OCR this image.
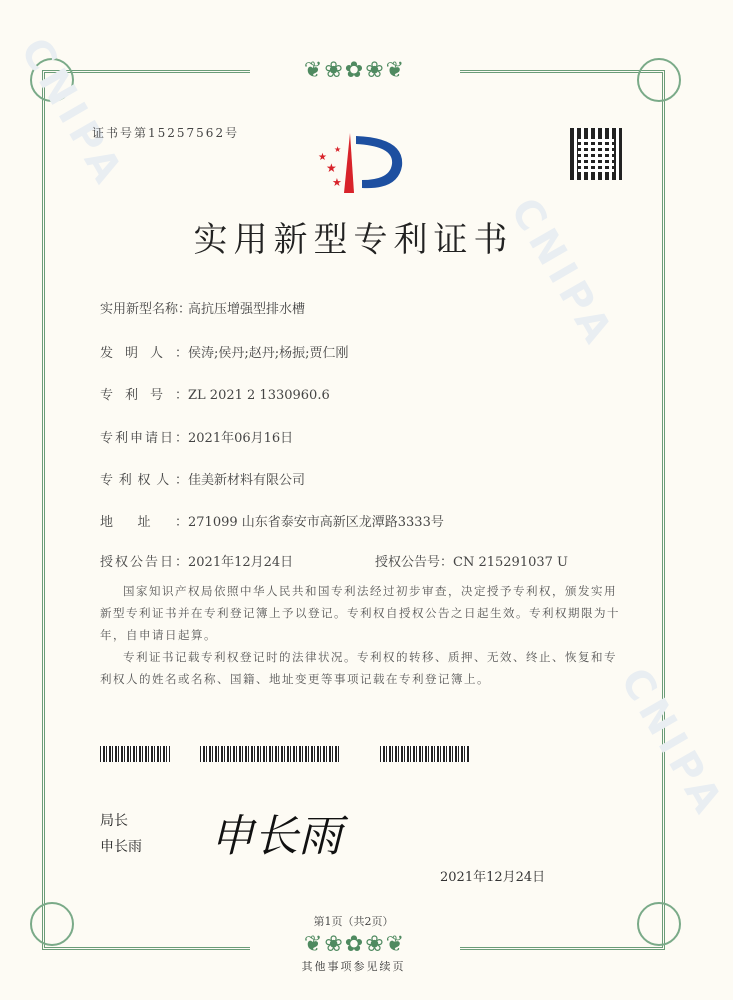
❦❀✿❀❦
❦❀✿❀❦
CNIPA
CNIPA
CNIPA
证书号第15257562号
★
★
★
★
实用新型专利证书
实用新型名称：高抗压增强型排水槽
发明人：侯涛;侯丹;赵丹;杨振;贾仁刚
专利号：ZL 2021 2 1330960.6
专利申请日：2021年06月16日
专利权人：佳美新材料有限公司
地址：271099 山东省泰安市高新区龙潭路3333号
授权公告日：2021年12月24日	授权公告号：CN 215291037 U
国家知识产权局依照中华人民共和国专利法经过初步审查，决定授予专利权，颁发实用新型专利证书并在专利登记簿上予以登记。专利权自授权公告之日起生效。专利权期限为十年，自申请日起算。
专利证书记载专利权登记时的法律状况。专利权的转移、质押、无效、终止、恢复和专利权人的姓名或名称、国籍、地址变更等事项记载在专利登记簿上。
局长
申长雨 申长雨
2021年12月24日
第1页（共2页）
其他事项参见续页
